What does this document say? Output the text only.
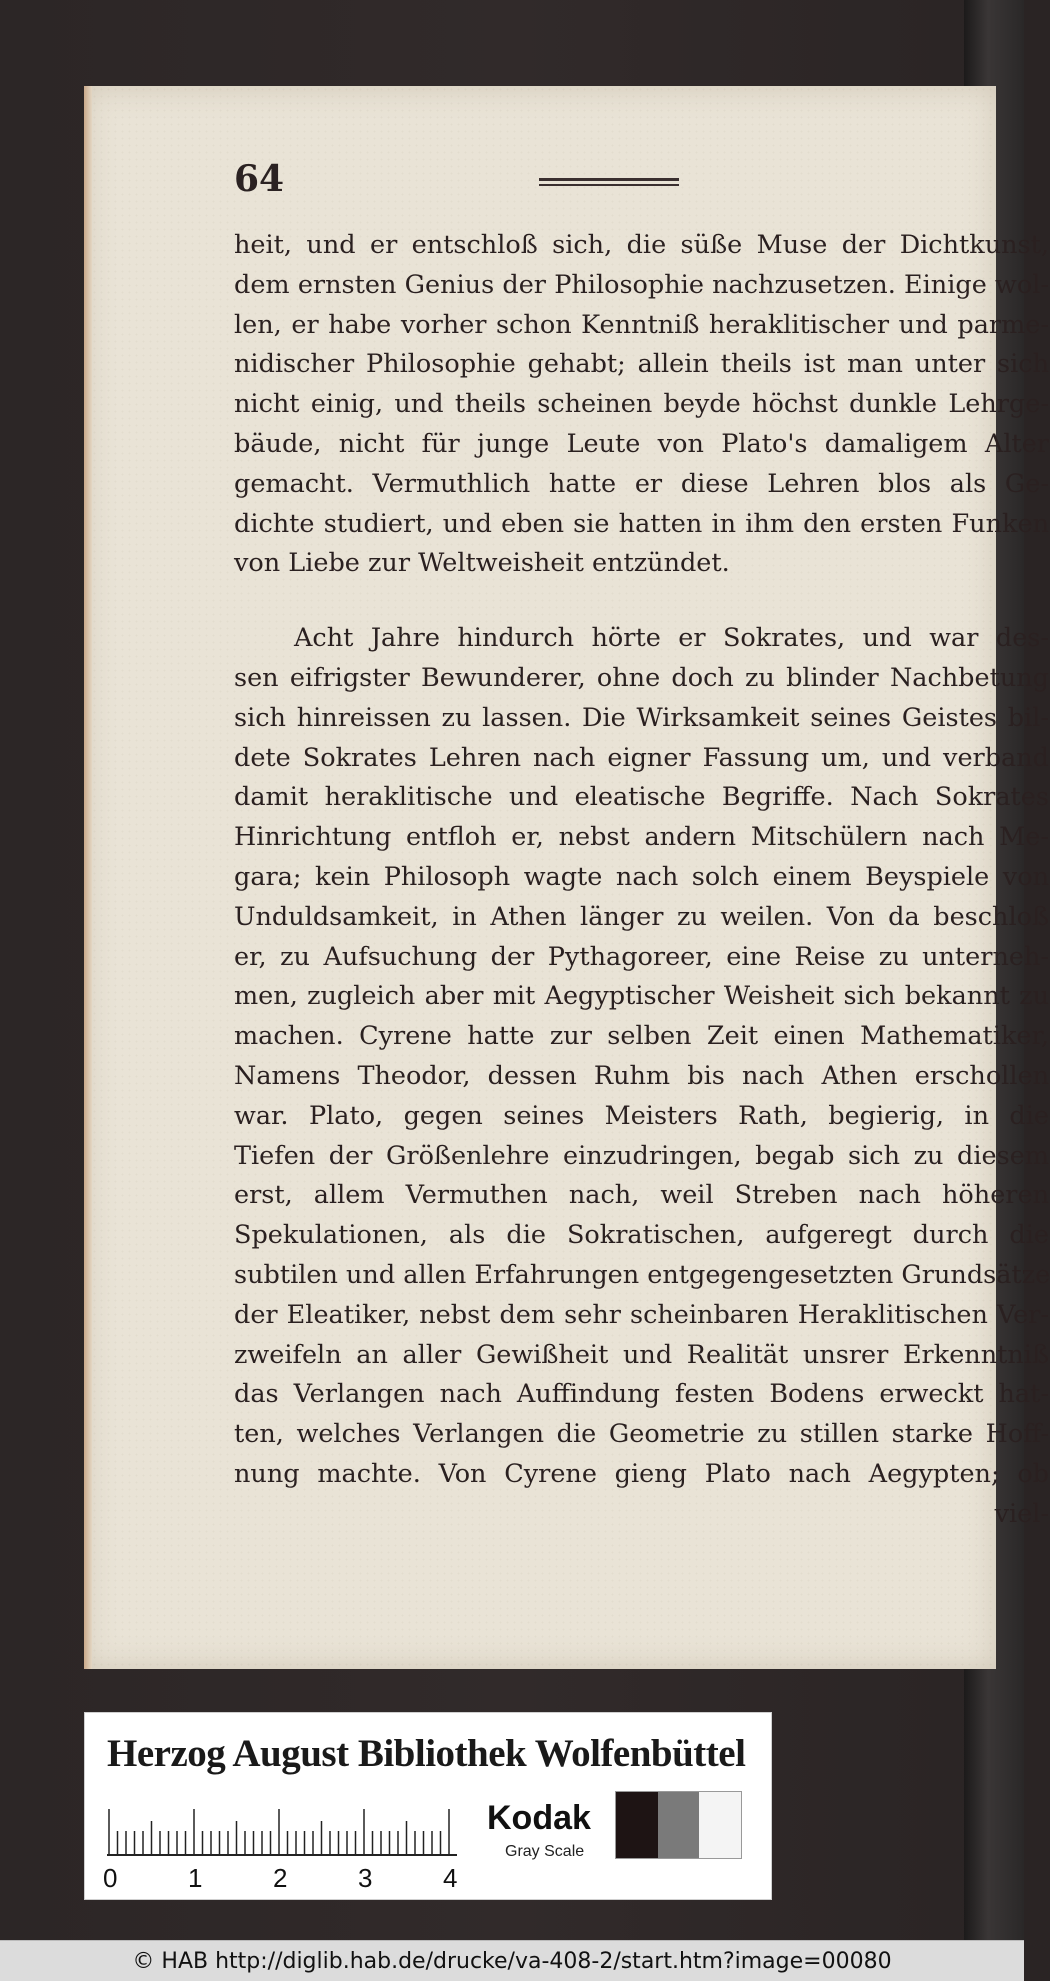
64
heit, und er entschloß sich, die süße Muse der Dichtkunst,
dem ernsten Genius der Philosophie nachzusetzen. Einige wol-
len, er habe vorher schon Kenntniß heraklitischer und parme-
nidischer Philosophie gehabt; allein theils ist man unter sich
nicht einig, und theils scheinen beyde höchst dunkle Lehrge-
bäude, nicht für junge Leute von Plato's damaligem Alter
gemacht. Vermuthlich hatte er diese Lehren blos als Ge-
dichte studiert, und eben sie hatten in ihm den ersten Funken
von Liebe zur Weltweisheit entzündet.
Acht Jahre hindurch hörte er Sokrates, und war des-
sen eifrigster Bewunderer, ohne doch zu blinder Nachbetung
sich hinreissen zu lassen. Die Wirksamkeit seines Geistes bil-
dete Sokrates Lehren nach eigner Fassung um, und verband
damit heraklitische und eleatische Begriffe. Nach Sokrates
Hinrichtung entfloh er, nebst andern Mitschülern nach Me-
gara; kein Philosoph wagte nach solch einem Beyspiele von
Unduldsamkeit, in Athen länger zu weilen. Von da beschloß
er, zu Aufsuchung der Pythagoreer, eine Reise zu unterneh-
men, zugleich aber mit Aegyptischer Weisheit sich bekannt zu
machen. Cyrene hatte zur selben Zeit einen Mathematiker,
Namens Theodor, dessen Ruhm bis nach Athen erschollen
war. Plato, gegen seines Meisters Rath, begierig, in die
Tiefen der Größenlehre einzudringen, begab sich zu diesem
erst, allem Vermuthen nach, weil Streben nach höheren
Spekulationen, als die Sokratischen, aufgeregt durch die
subtilen und allen Erfahrungen entgegengesetzten Grundsätze
der Eleatiker, nebst dem sehr scheinbaren Heraklitischen Ver-
zweifeln an aller Gewißheit und Realität unsrer Erkenntniß
das Verlangen nach Auffindung festen Bodens erweckt hat-
ten, welches Verlangen die Geometrie zu stillen starke Hoff-
nung machte. Von Cyrene gieng Plato nach Aegypten; ob
viel-
Herzog August Bibliothek Wolfenbüttel
0	1	2	3	4
Kodak
Gray Scale
© HAB http://diglib.hab.de/drucke/va-408-2/start.htm?image=00080
